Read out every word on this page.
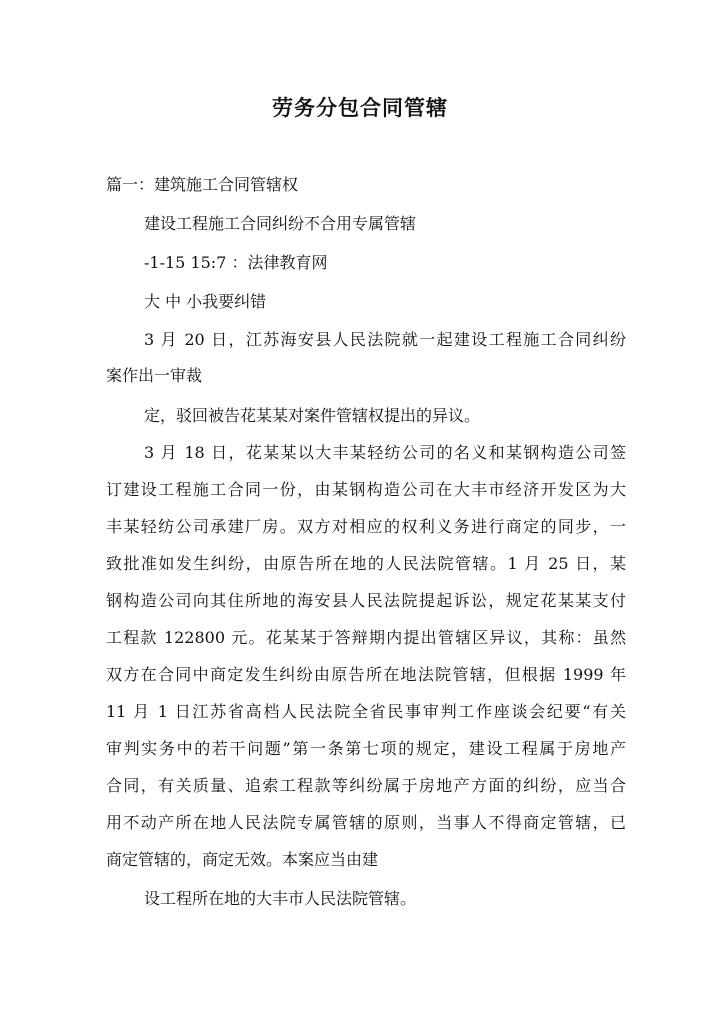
劳务分包合同管辖
篇一：建筑施工合同管辖权
建设工程施工合同纠纷不合用专属管辖
-1-15 15:7 ：法律教育网
大 中 小我要纠错
3 月 20 日，江苏海安县人民法院就一起建设工程施工合同纠纷
案作出一审裁
定，驳回被告花某某对案件管辖权提出的异议。
3 月 18 日，花某某以大丰某轻纺公司的名义和某钢构造公司签
订建设工程施工合同一份，由某钢构造公司在大丰市经济开发区为大
丰某轻纺公司承建厂房。双方对相应的权利义务进行商定的同步，一
致批准如发生纠纷，由原告所在地的人民法院管辖。1 月 25 日，某
钢构造公司向其住所地的海安县人民法院提起诉讼，规定花某某支付
工程款 122800 元。花某某于答辩期内提出管辖区异议，其称：虽然
双方在合同中商定发生纠纷由原告所在地法院管辖，但根据 1999 年
11 月 1 日江苏省高档人民法院全省民事审判工作座谈会纪要“有关
审判实务中的若干问题”第一条第七项的规定，建设工程属于房地产
合同，有关质量、追索工程款等纠纷属于房地产方面的纠纷，应当合
用不动产所在地人民法院专属管辖的原则，当事人不得商定管辖，已
商定管辖的，商定无效。本案应当由建
设工程所在地的大丰市人民法院管辖。
